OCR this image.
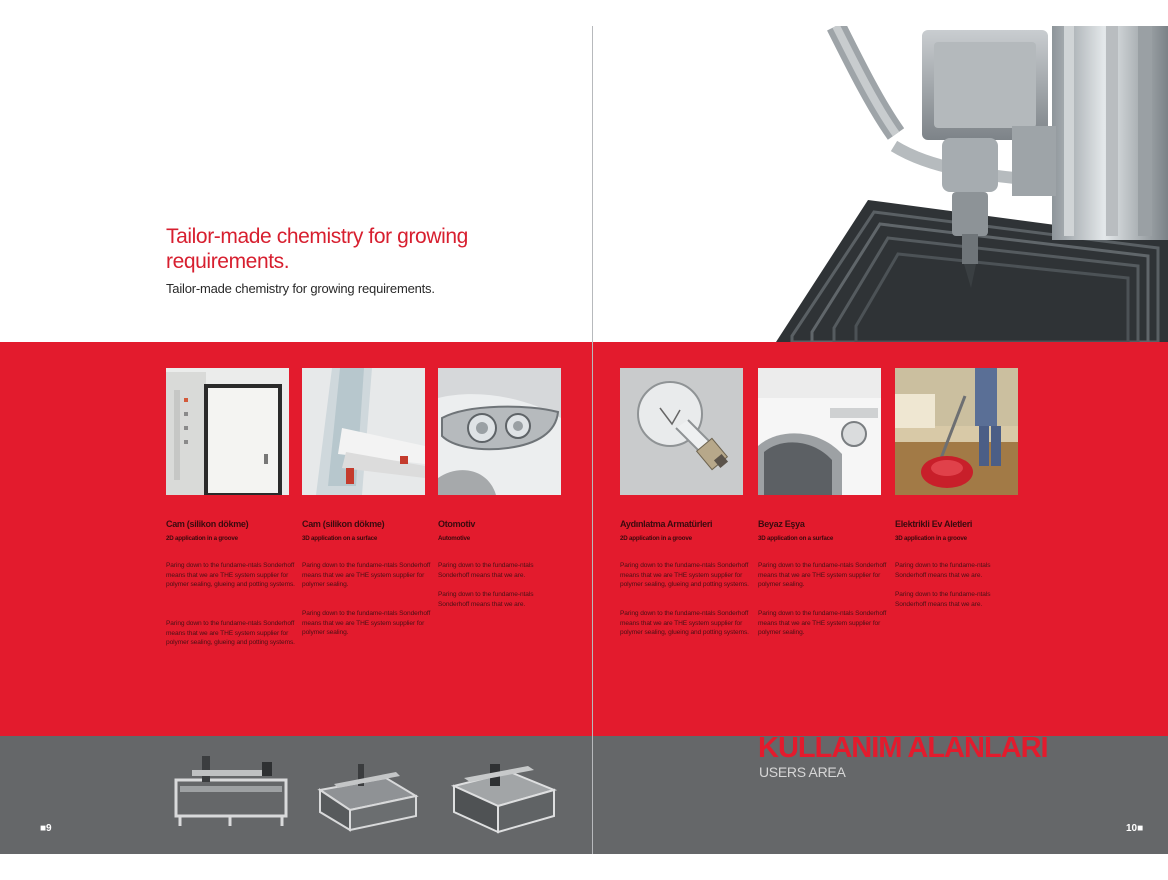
Tailor-made chemistry for growing requirements.
Tailor-made chemistry for growing requirements.
Cam (silikon dökme)
2D application in a groove
Paring down to the fundame-ntals Sonderhoff means that we are THE system supplier for polymer sealing, glueing and potting systems.
Paring down to the fundame-ntals Sonderhoff means that we are THE system supplier for polymer sealing, glueing and potting systems.
Cam (silikon dökme)
3D application on a surface
Paring down to the fundame-ntals Sonderhoff means that we are THE system supplier for polymer sealing.
Paring down to the fundame-ntals Sonderhoff means that we are THE system supplier for polymer sealing.
Otomotiv
Automotive
Paring down to the fundame-ntals Sonderhoff means that we are.
Paring down to the fundame-ntals Sonderhoff means that we are.
Aydınlatma Armatürleri
2D application in a groove
Paring down to the fundame-ntals Sonderhoff means that we are THE system supplier for polymer sealing, glueing and potting systems.
Paring down to the fundame-ntals Sonderhoff means that we are THE system supplier for polymer sealing, glueing and potting systems.
Beyaz Eşya
3D application on a surface
Paring down to the fundame-ntals Sonderhoff means that we are THE system supplier for polymer sealing.
Paring down to the fundame-ntals Sonderhoff means that we are THE system supplier for polymer sealing.
Elektrikli Ev Aletleri
3D application in a groove
Paring down to the fundame-ntals Sonderhoff means that we are.
Paring down to the fundame-ntals Sonderhoff means that we are.
KULLANIM ALANLARI
USERS AREA
■9	10■
